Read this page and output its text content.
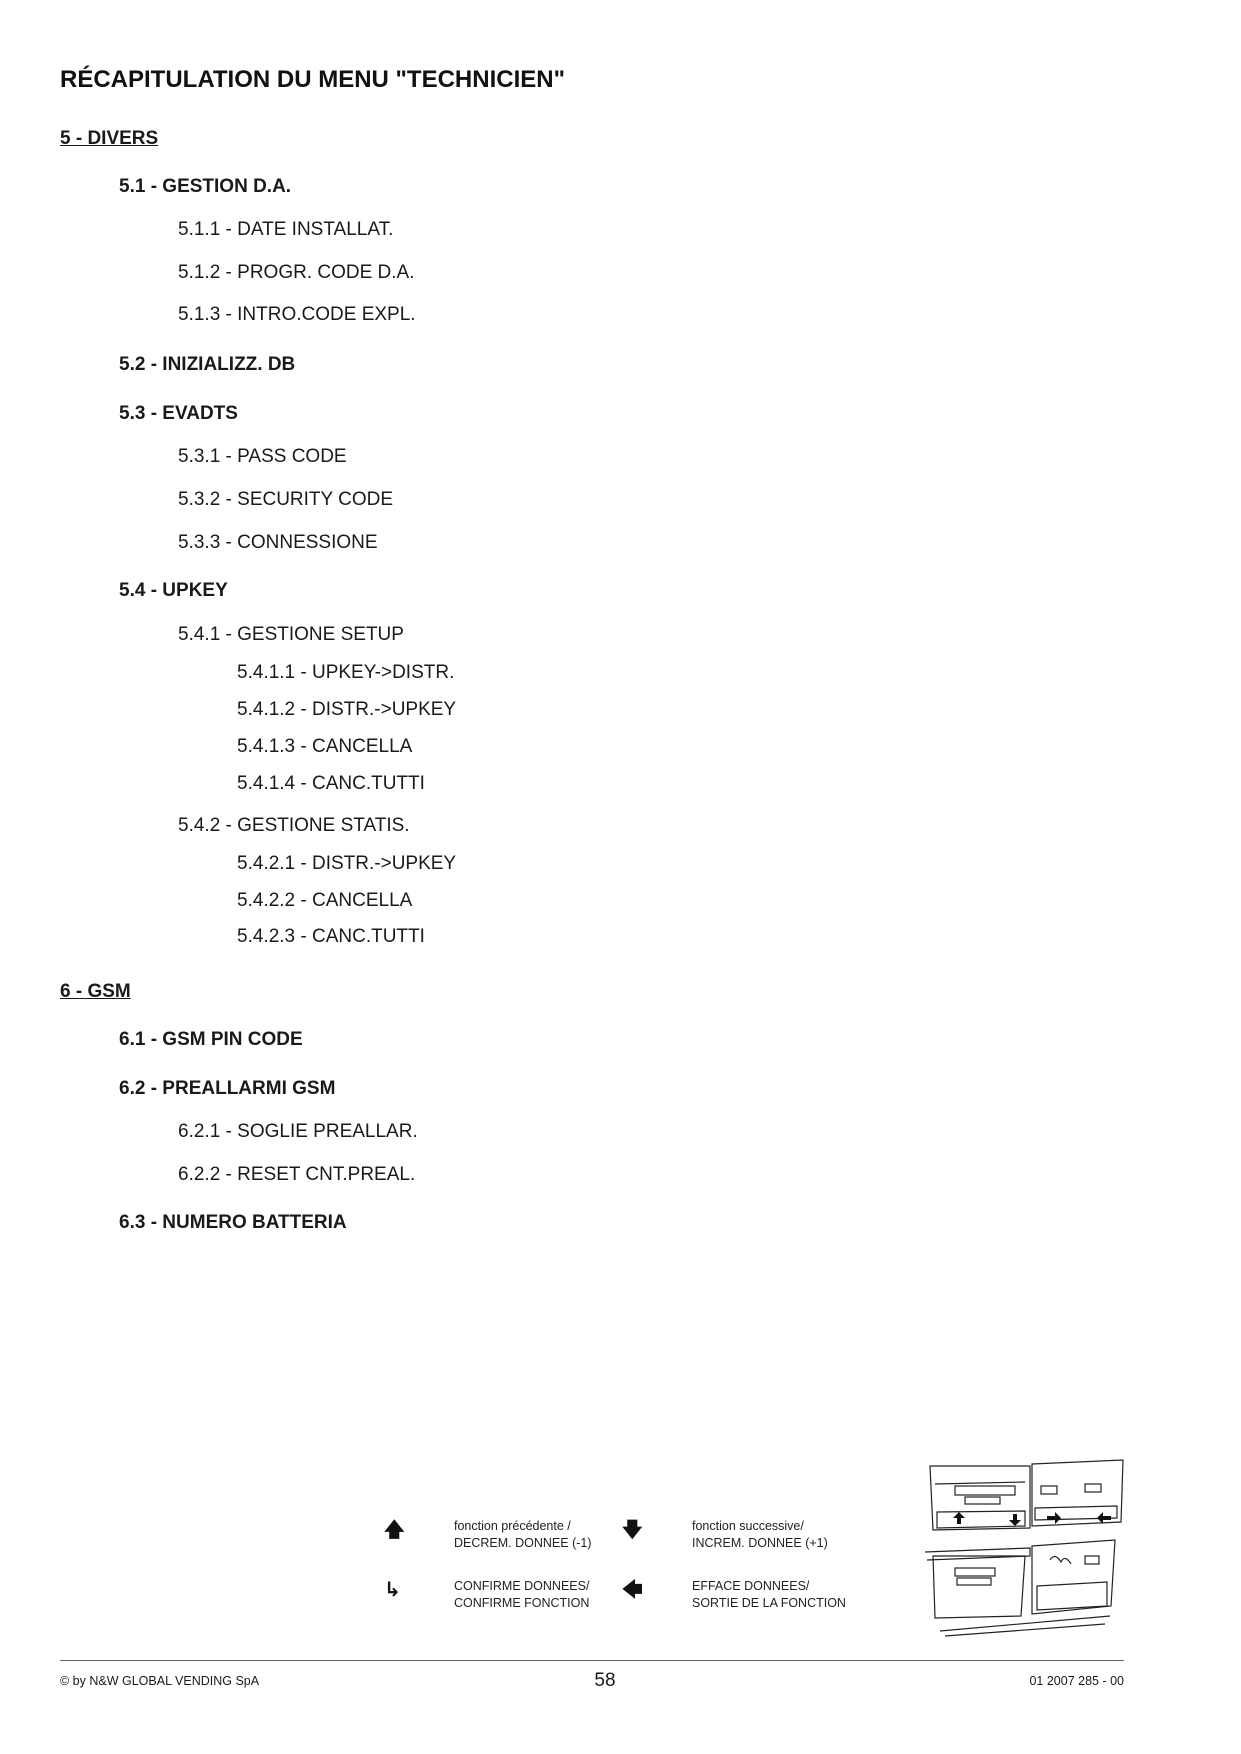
RÉCAPITULATION DU MENU "TECHNICIEN"
5 - DIVERS
5.1 - GESTION D.A.
5.1.1 - DATE INSTALLAT.
5.1.2 - PROGR. CODE D.A.
5.1.3 - INTRO.CODE EXPL.
5.2 - INIZIALIZZ. DB
5.3 - EVADTS
5.3.1 - PASS CODE
5.3.2 - SECURITY CODE
5.3.3 - CONNESSIONE
5.4 - UPKEY
5.4.1 - GESTIONE SETUP
5.4.1.1 - UPKEY->DISTR.
5.4.1.2 - DISTR.->UPKEY
5.4.1.3 - CANCELLA
5.4.1.4 - CANC.TUTTI
5.4.2 - GESTIONE STATIS.
5.4.2.1 - DISTR.->UPKEY
5.4.2.2 - CANCELLA
5.4.2.3 - CANC.TUTTI
6 - GSM
6.1 - GSM PIN CODE
6.2 - PREALLARMI GSM
6.2.1 - SOGLIE PREALLAR.
6.2.2 - RESET CNT.PREAL.
6.3 - NUMERO BATTERIA
🡅	fonction précédente /
DECREM. DONNEE (-1)
🡇	fonction successive/
INCREM. DONNEE (+1)
↳	CONFIRME DONNEES/
CONFIRME FONCTION
🡄	EFFACE DONNEES/
SORTIE DE LA FONCTION
© by N&W GLOBAL VENDING SpA	58	01 2007 285 - 00
